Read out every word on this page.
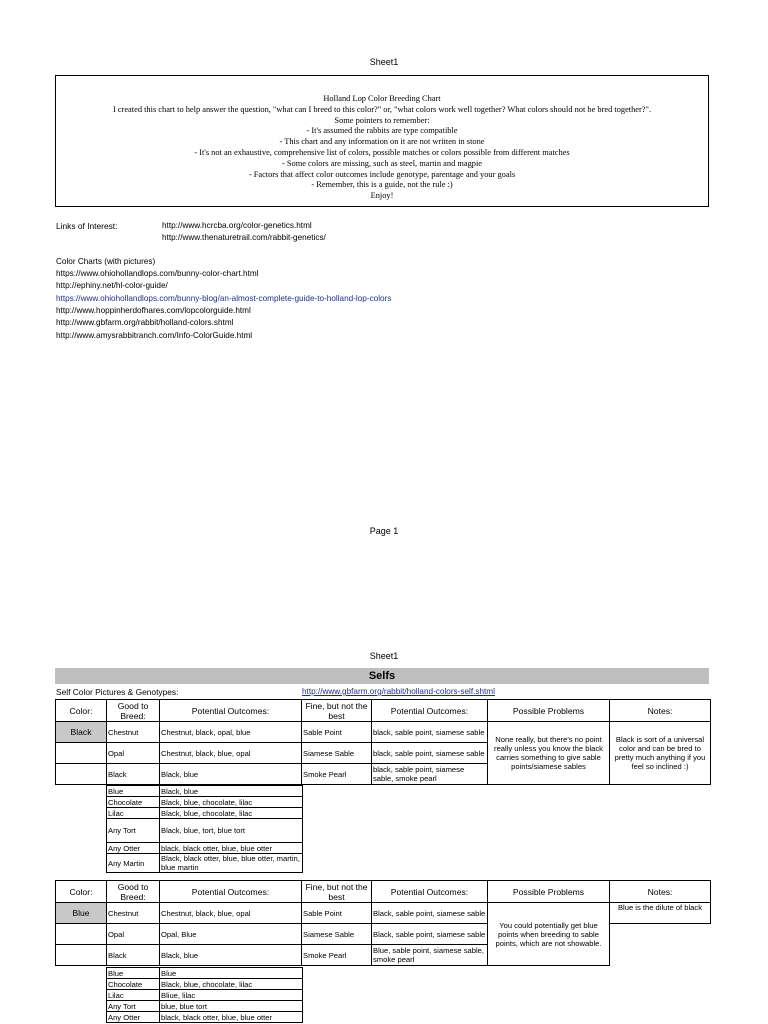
Sheet1
Holland Lop Color Breeding Chart
I created this chart to help answer the question, "what can I breed to this color?" or, "what colors work well together? What colors should not be bred together?".
Some pointers to remember:
- It's assumed the rabbits are type compatible
- This chart and any information on it are not written in stone
- It's not an exhaustive, comprehensive list of colors, possible matches or colors possible from different matches
- Some colors are missing, such as steel, martin and magpie
- Factors that affect color outcomes include genotype, parentage and your goals
- Remember, this is a guide, not the rule :)
Enjoy!
Links of Interest:	http://www.hcrcba.org/color-genetics.html
http://www.thenaturetrail.com/rabbit-genetics/
Color Charts (with pictures)
https://www.ohiohollandlops.com/bunny-color-chart.html
http://ephiny.net/hl-color-guide/
https://www.ohiohollandlops.com/bunny-blog/an-almost-complete-guide-to-holland-lop-colors
http://www.hoppinherdofhares.com/lopcolorguide.html
http://www.gbfarm.org/rabbit/holland-colors.shtml
http://www.amysrabbitranch.com/Info-ColorGuide.html
Page 1
Sheet1
Selfs
Self Color Pictures & Genotypes:	http://www.gbfarm.org/rabbit/holland-colors-self.shtml
Color:	Good to Breed:	Potential Outcomes:	Fine, but not the best	Potential Outcomes:	Possible Problems	Notes:
Black	Chestnut	Chestnut, black, opal, blue	Sable Point	black, sable point, siamese sable	None really, but there's no point really unless you know the black carries something to give sable points/siamese sables	Black is sort of a universal color and can be bred to pretty much anything if you feel so inclined :)
	Opal	Chestnut, black, blue, opal	Siamese Sable	black, sable point, siamese sable		
	Black	Black, blue	Smoke Pearl	black, sable point, siamese sable, smoke pearl		
Blue	Black, blue
Chocolate	Black, blue, chocolate, lilac
Lilac	Black, blue, chocolate, lilac
Any Tort	Black, blue, tort, blue tort
Any Otter	black, black otter, blue, blue otter
Any Martin	Black, black otter, blue, blue otter, martin, blue martin
Color:	Good to Breed:	Potential Outcomes:	Fine, but not the best	Potential Outcomes:	Possible Problems	Notes:
Blue	Chestnut	Chestnut, black, blue, opal	Sable Point	Black, sable point, siamese sable	You could potentially get blue points when breeding to sable points, which are not showable.	Blue is the dilute of black
	Opal	Opal, Blue	Siamese Sable	Black, sable point, siamese sable		
	Black	Black, blue	Smoke Pearl	Blue, sable point, siamese sable, smoke pearl		
Blue	Blue
Chocolate	Black, blue, chocolate, lilac
Lilac	Bliue, lilac
Any Tort	blue, blue tort
Any Otter	black, black otter, blue, blue otter
